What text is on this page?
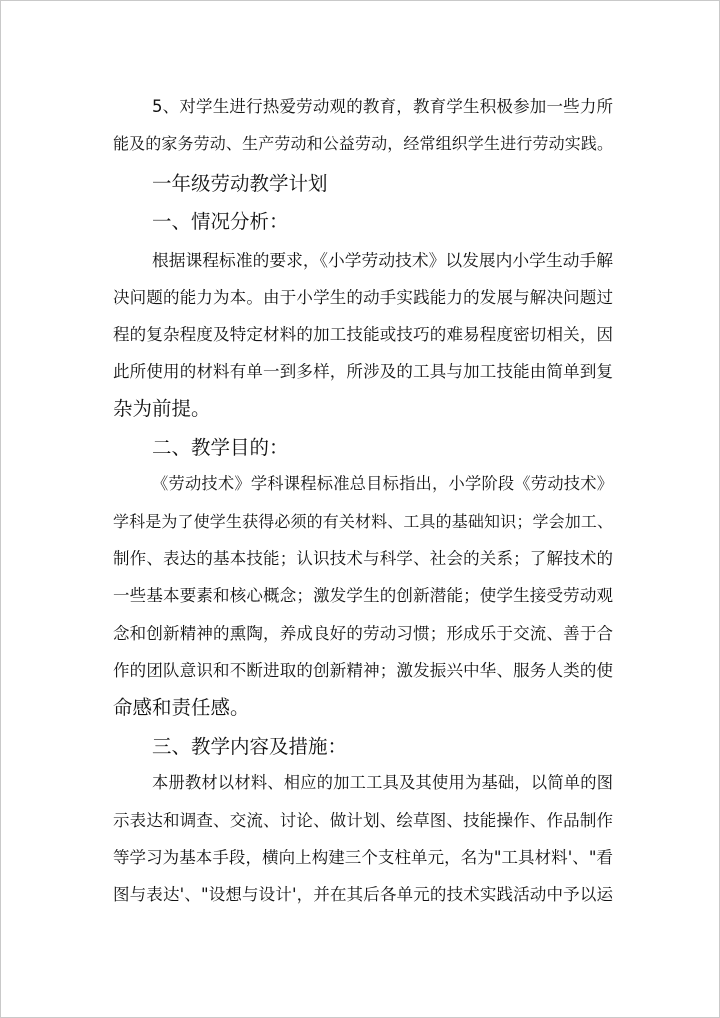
5、对学生进行热爱劳动观的教育，教育学生积极参加一些力所
能及的家务劳动、生产劳动和公益劳动，经常组织学生进行劳动实践。
一年级劳动教学计划
一、情况分析：
根据课程标准的要求，《小学劳动技术》以发展内小学生动手解
决问题的能力为本。由于小学生的动手实践能力的发展与解决问题过
程的复杂程度及特定材料的加工技能或技巧的难易程度密切相关，因
此所使用的材料有单一到多样，所涉及的工具与加工技能由简单到复
杂为前提。
二、教学目的：
《劳动技术》学科课程标准总目标指出，小学阶段《劳动技术》
学科是为了使学生获得必须的有关材料、工具的基础知识；学会加工、
制作、表达的基本技能；认识技术与科学、社会的关系；了解技术的
一些基本要素和核心概念；激发学生的创新潜能；使学生接受劳动观
念和创新精神的熏陶，养成良好的劳动习惯；形成乐于交流、善于合
作的团队意识和不断进取的创新精神；激发振兴中华、服务人类的使
命感和责任感。
三、教学内容及措施：
本册教材以材料、相应的加工工具及其使用为基础，以简单的图
示表达和调查、交流、讨论、做计划、绘草图、技能操作、作品制作
等学习为基本手段，横向上构建三个支柱单元，名为"工具材料'、"看
图与表达'、"设想与设计'，并在其后各单元的技术实践活动中予以运
